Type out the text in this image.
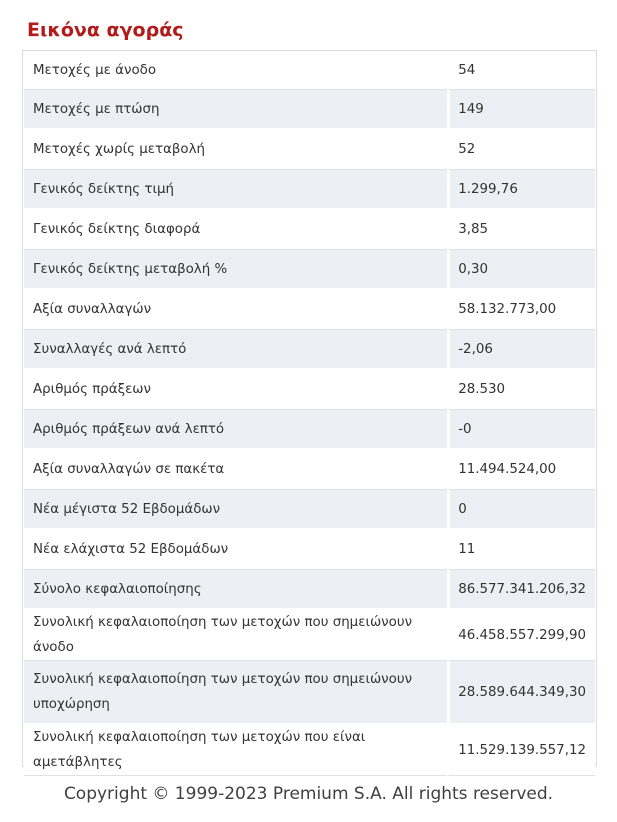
Εικόνα αγοράς
Μετοχές με άνοδο	54
Μετοχές με πτώση	149
Μετοχές χωρίς μεταβολή	52
Γενικός δείκτης τιμή	1.299,76
Γενικός δείκτης διαφορά	3,85
Γενικός δείκτης μεταβολή %	0,30
Αξία συναλλαγών	58.132.773,00
Συναλλαγές ανά λεπτό	-2,06
Αριθμός πράξεων	28.530
Αριθμός πράξεων ανά λεπτό	-0
Αξία συναλλαγών σε πακέτα	11.494.524,00
Νέα μέγιστα 52 Εβδομάδων	0
Νέα ελάχιστα 52 Εβδομάδων	11
Σύνολο κεφαλαιοποίησης	86.577.341.206,32
Συνολική κεφαλαιοποίηση των μετοχών που σημειώνουν άνοδο	46.458.557.299,90
Συνολική κεφαλαιοποίηση των μετοχών που σημειώνουν υποχώρηση	28.589.644.349,30
Συνολική κεφαλαιοποίηση των μετοχών που είναι αμετάβλητες	11.529.139.557,12
Copyright © 1999-2023 Premium S.A. All rights reserved.
